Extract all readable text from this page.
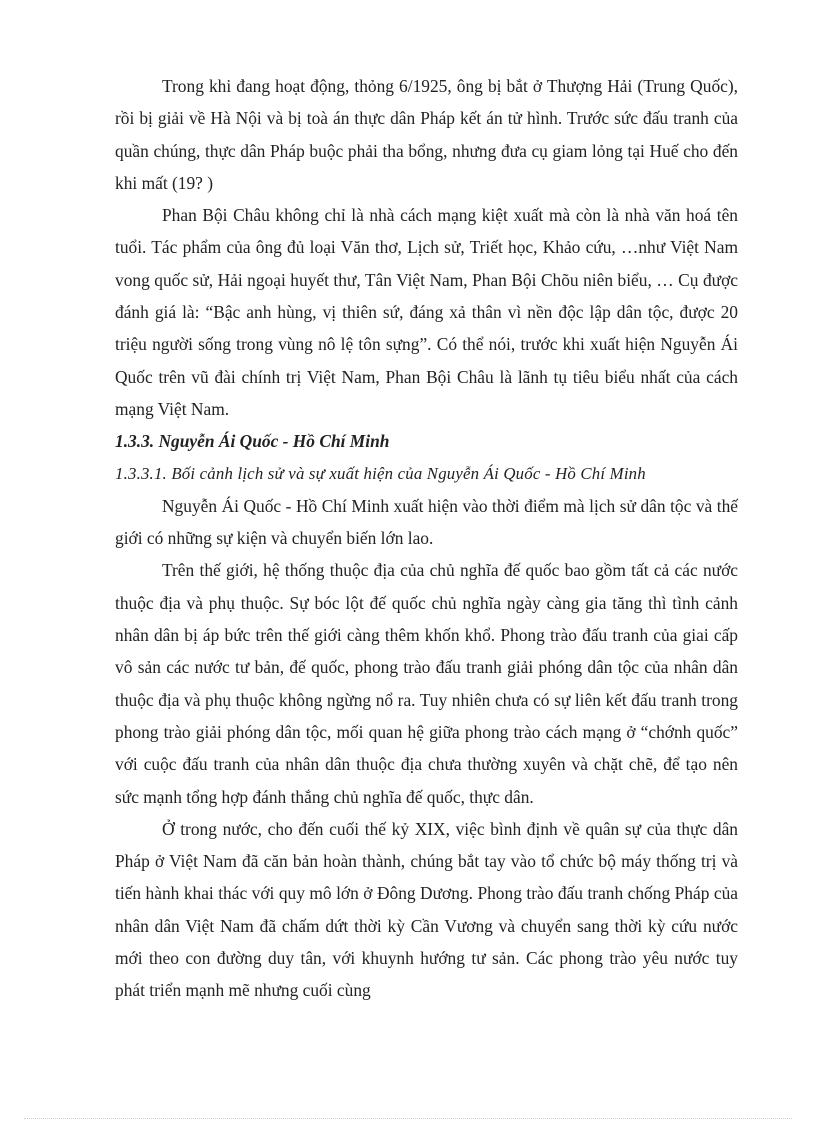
Trong khi đang hoạt động, thỏng 6/1925, ông bị bắt ở Thượng Hải (Trung Quốc), rồi bị giải về Hà Nội và bị toà án thực dân Pháp kết án tử hình. Trước sức đấu tranh của quần chúng, thực dân Pháp buộc phải tha bổng, nhưng đưa cụ giam lỏng tại Huế cho đến khi mất (19? )

Phan Bội Châu không chỉ là nhà cách mạng kiệt xuất mà còn là nhà văn hoá tên tuổi. Tác phẩm của ông đủ loại Văn thơ, Lịch sử, Triết học, Khảo cứu, …như Việt Nam vong quốc sử, Hải ngoại huyết thư, Tân Việt Nam, Phan Bội Chõu niên biểu, … Cụ được đánh giá là: “Bậc anh hùng, vị thiên sứ, đáng xả thân vì nền độc lập dân tộc, được 20 triệu người sống trong vùng nô lệ tôn sựng”. Có thể nói, trước khi xuất hiện Nguyễn Ái Quốc trên vũ đài chính trị Việt Nam, Phan Bội Châu là lãnh tụ tiêu biểu nhất của cách mạng Việt Nam.

1.3.3. Nguyễn Ái Quốc - Hồ Chí Minh

1.3.3.1. Bối cảnh lịch sử và sự xuất hiện của Nguyễn Ái Quốc - Hồ Chí Minh

Nguyễn Ái Quốc - Hồ Chí Minh xuất hiện vào thời điểm mà lịch sử dân tộc và thế giới có những sự kiện và chuyển biến lớn lao.

Trên thế giới, hệ thống thuộc địa của chủ nghĩa đế quốc bao gồm tất cả các nước thuộc địa và phụ thuộc. Sự bóc lột đế quốc chủ nghĩa ngày càng gia tăng thì tình cảnh nhân dân bị áp bức trên thế giới càng thêm khốn khổ. Phong trào đấu tranh của giai cấp vô sản các nước tư bản, đế quốc, phong trào đấu tranh giải phóng dân tộc của nhân dân thuộc địa và phụ thuộc không ngừng nổ ra. Tuy nhiên chưa có sự liên kết đấu tranh trong phong trào giải phóng dân tộc, mối quan hệ giữa phong trào cách mạng ở “chớnh quốc” với cuộc đấu tranh của nhân dân thuộc địa chưa thường xuyên và chặt chẽ, để tạo nên sức mạnh tổng hợp đánh thắng chủ nghĩa đế quốc, thực dân.

Ở trong nước, cho đến cuối thế kỷ XIX, việc bình định về quân sự của thực dân Pháp ở Việt Nam đã căn bản hoàn thành, chúng bắt tay vào tổ chức bộ máy thống trị và tiến hành khai thác với quy mô lớn ở Đông Dương. Phong trào đấu tranh chống Pháp của nhân dân Việt Nam đã chấm dứt thời kỳ Cần Vương và chuyển sang thời kỳ cứu nước mới theo con đường duy tân, với khuynh hướng tư sản. Các phong trào yêu nước tuy phát triển mạnh mẽ nhưng cuối cùng
